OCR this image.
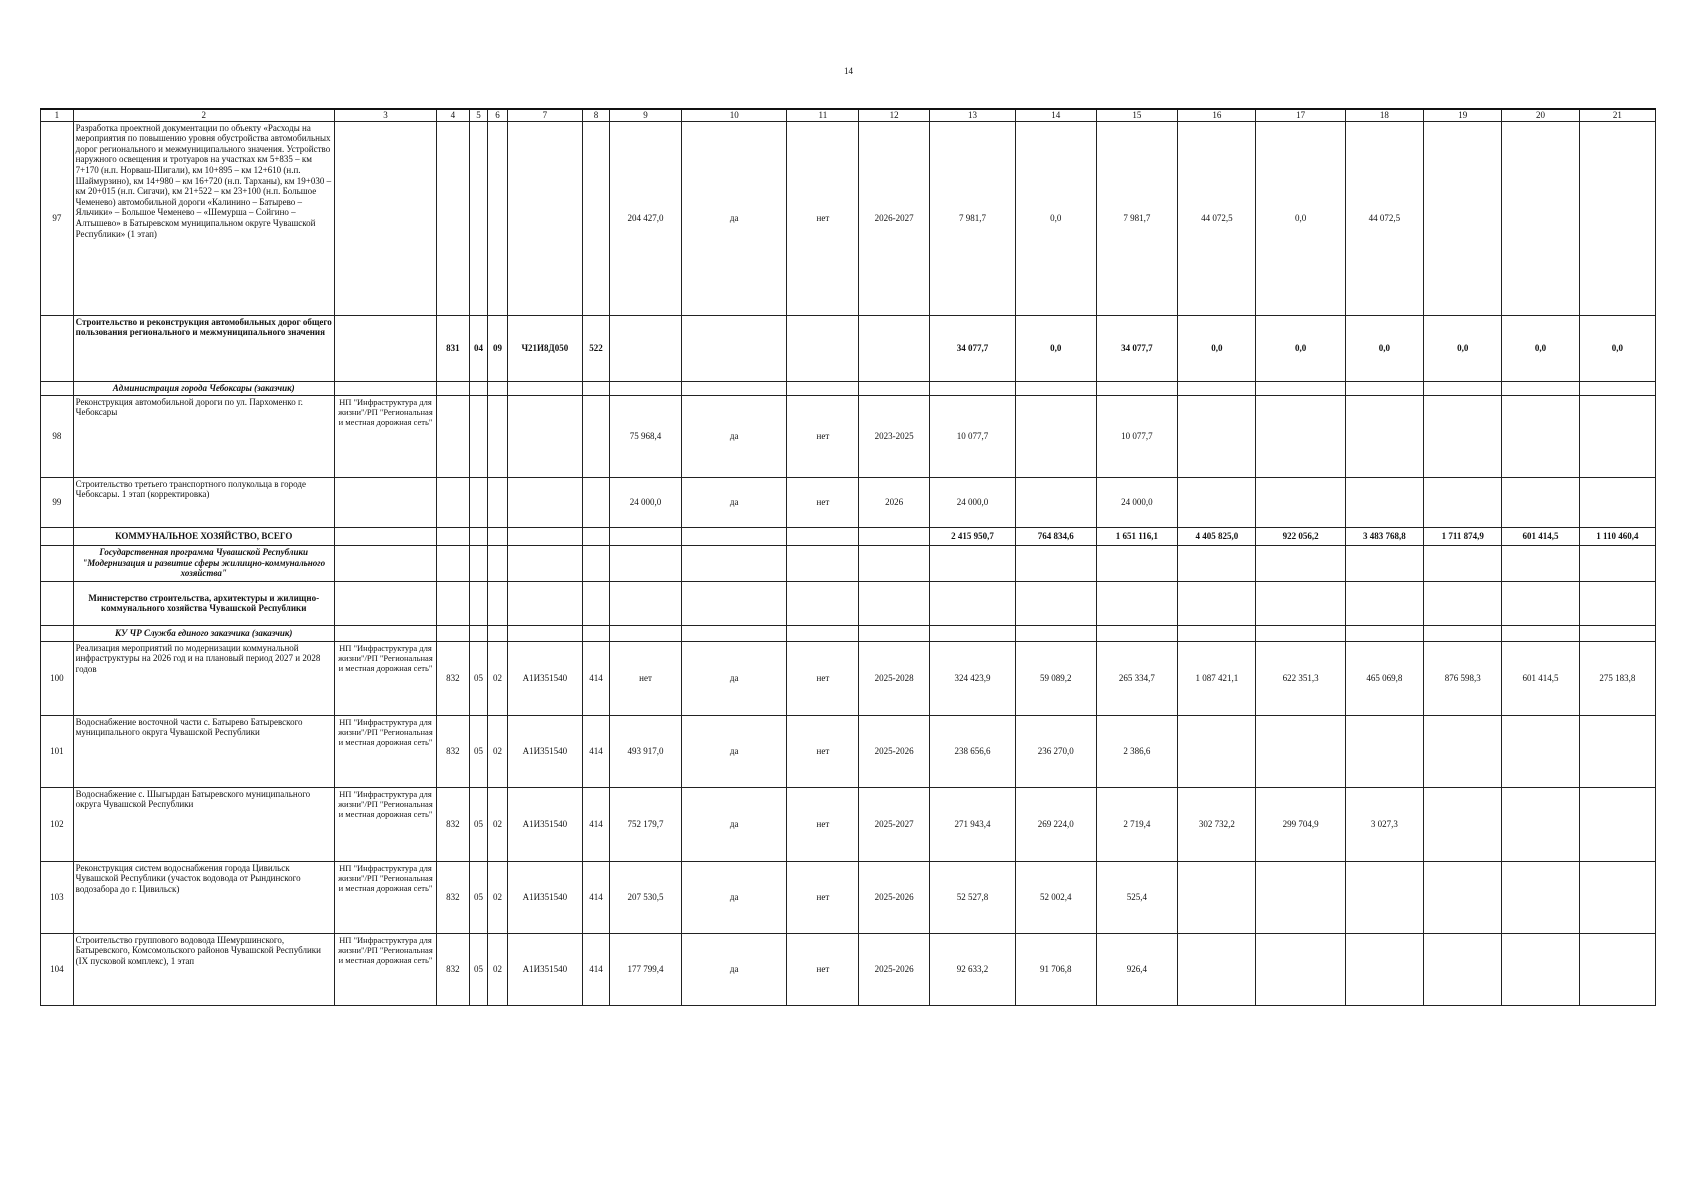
14
1	2	3	4	5	6	7	8	9	10	11	12	13	14	15	16	17	18	19	20	21
97	Разработка проектной документации по объекту «Расходы на мероприятия по повышению уровня обустройства автомобильных дорог регионального и межмуниципального значения. Устройство наружного освещения и тротуаров на участках км 5+835 – км 7+170 (н.п. Норваш-Шигали), км 10+895 – км 12+610 (н.п. Шаймурзино), км 14+980 – км 16+720 (н.п. Тарханы), км 19+030 – км 20+015 (н.п. Сигачи), км 21+522 – км 23+100 (н.п. Большое Чеменево) автомобильной дороги «Калинино – Батырево – Яльчики» – Большое Чеменево – «Шемурша – Сойгино – Алтышево» в Батыревском муниципальном округе Чувашской Республики» (1 этап)							204 427,0	да	нет	2026-2027	7 981,7	0,0	7 981,7	44 072,5	0,0	44 072,5			
	Строительство и реконструкция автомобильных дорог общего пользования регионального и межмуниципального значения		831	04	09	Ч21И8Д050	522					34 077,7	0,0	34 077,7	0,0	0,0	0,0	0,0	0,0	0,0
	Администрация города Чебоксары (заказчик)																			
98	Реконструкция автомобильной дороги по ул. Пархоменко г. Чебоксары	НП "Инфраструктура для жизни"/РП "Региональная и местная дорожная сеть"						75 968,4	да	нет	2023-2025	10 077,7		10 077,7						
99	Строительство третьего транспортного полукольца в городе Чебоксары. 1 этап (корректировка)							24 000,0	да	нет	2026	24 000,0		24 000,0						
	КОММУНАЛЬНОЕ ХОЗЯЙСТВО, ВСЕГО											2 415 950,7	764 834,6	1 651 116,1	4 405 825,0	922 056,2	3 483 768,8	1 711 874,9	601 414,5	1 110 460,4
	Государственная программа Чувашской Республики "Модернизация и развитие сферы жилищно-коммунального хозяйства"																			
	Министерство строительства, архитектуры и жилищно-коммунального хозяйства Чувашской Республики																			
	КУ ЧР Служба единого заказчика (заказчик)																			
100	Реализация мероприятий по модернизации коммунальной инфраструктуры на 2026 год и на плановый период 2027 и 2028 годов	НП "Инфраструктура для жизни"/РП "Региональная и местная дорожная сеть"	832	05	02	А1И351540	414	нет	да	нет	2025-2028	324 423,9	59 089,2	265 334,7	1 087 421,1	622 351,3	465 069,8	876 598,3	601 414,5	275 183,8
101	Водоснабжение восточной части с. Батырево Батыревского муниципального округа Чувашской Республики	НП "Инфраструктура для жизни"/РП "Региональная и местная дорожная сеть"	832	05	02	А1И351540	414	493 917,0	да	нет	2025-2026	238 656,6	236 270,0	2 386,6						
102	Водоснабжение с. Шыгырдан Батыревского муниципального округа Чувашской Республики	НП "Инфраструктура для жизни"/РП "Региональная и местная дорожная сеть"	832	05	02	А1И351540	414	752 179,7	да	нет	2025-2027	271 943,4	269 224,0	2 719,4	302 732,2	299 704,9	3 027,3			
103	Реконструкция систем водоснабжения города Цивильск Чувашской Республики (участок водовода от Рындинского водозабора до г. Цивильск)	НП "Инфраструктура для жизни"/РП "Региональная и местная дорожная сеть"	832	05	02	А1И351540	414	207 530,5	да	нет	2025-2026	52 527,8	52 002,4	525,4						
104	Строительство группового водовода Шемуршинского, Батыревского, Комсомольского районов Чувашской Республики (IX пусковой комплекс), 1 этап	НП "Инфраструктура для жизни"/РП "Региональная и местная дорожная сеть"	832	05	02	А1И351540	414	177 799,4	да	нет	2025-2026	92 633,2	91 706,8	926,4						
